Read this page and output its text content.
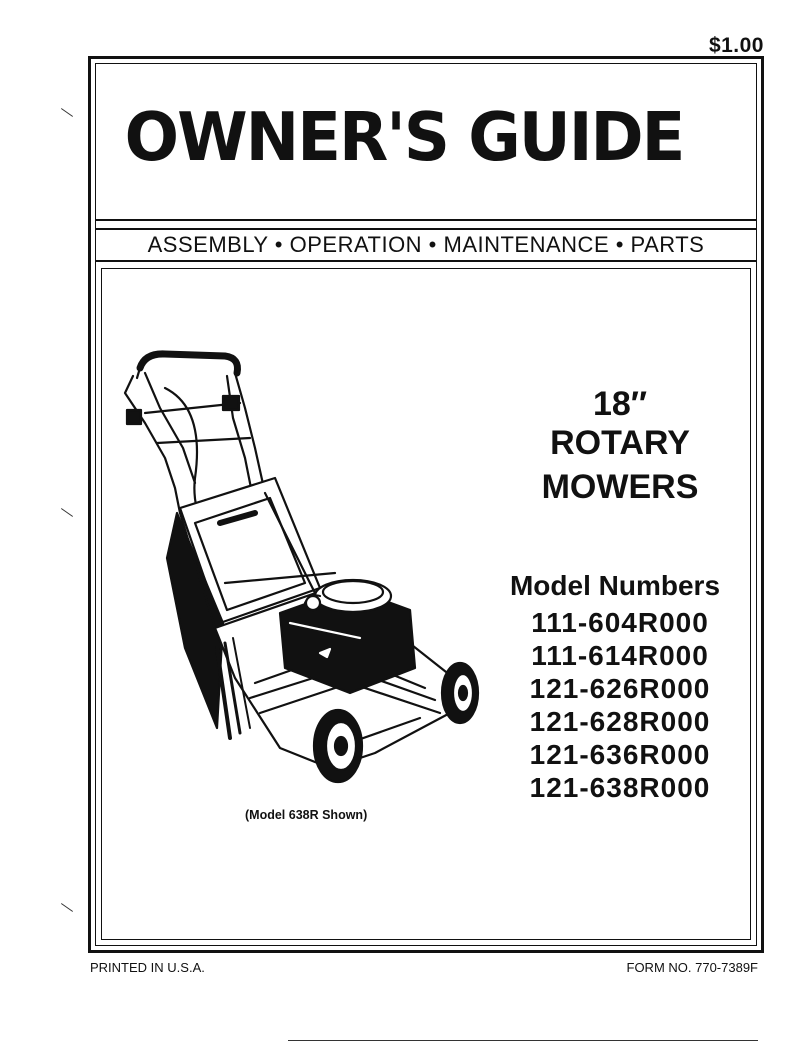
$1.00
OWNER'S GUIDE
ASSEMBLY • OPERATION • MAINTENANCE • PARTS
18″
ROTARY
MOWERS
Model Numbers
111-604R000
111-614R000
121-626R000
121-628R000
121-636R000
121-638R000
(Model 638R Shown)
PRINTED IN U.S.A.	FORM NO. 770-7389F
